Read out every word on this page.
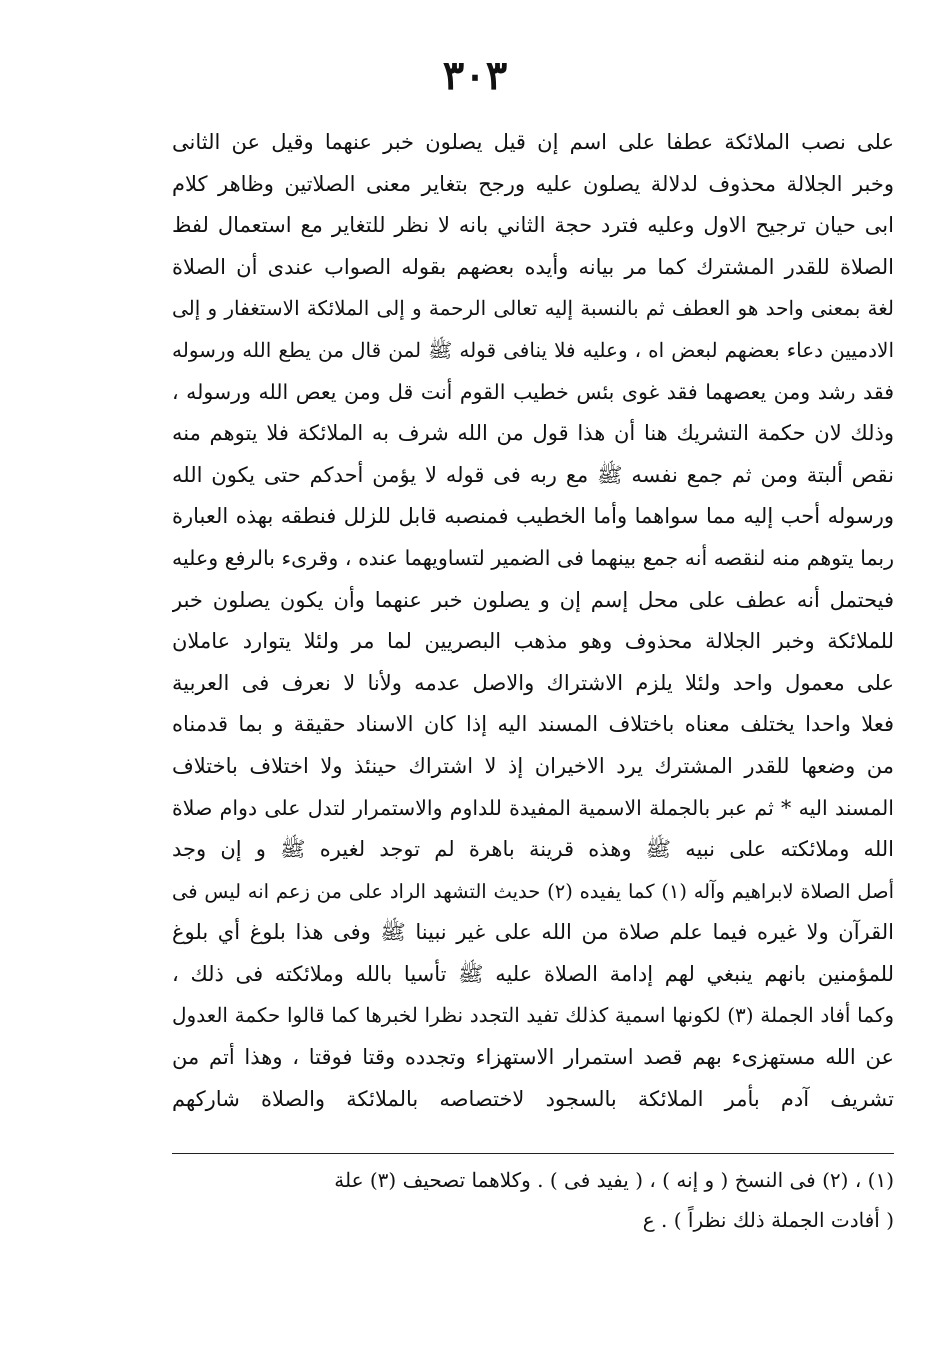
٣٠٣
على نصب الملائكة عطفا على اسم إن قيل يصلون خبر عنهما وقيل عن الثانى
وخبر الجلالة محذوف لدلالة يصلون عليه ورجح بتغاير معنى الصلاتين وظاهر كلام
ابى حيان ترجيح الاول وعليه فترد حجة الثاني بانه لا نظر للتغاير مع استعمال لفظ
الصلاة للقدر المشترك كما مر بيانه وأيده بعضهم بقوله الصواب عندى أن الصلاة
لغة بمعنى واحد هو العطف ثم بالنسبة إليه تعالى الرحمة و إلى الملائكة الاستغفار و إلى
الادميين دعاء بعضهم لبعض اه ، وعليه فلا ينافى قوله ﷺ لمن قال من يطع الله ورسوله
فقد رشد ومن يعصهما فقد غوى بئس خطيب القوم أنت قل ومن يعص الله ورسوله ،
وذلك لان حكمة التشريك هنا أن هذا قول من الله شرف به الملائكة فلا يتوهم منه
نقص ألبتة ومن ثم جمع نفسه ﷺ مع ربه فى قوله لا يؤمن أحدكم حتى يكون الله
ورسوله أحب إليه مما سواهما وأما الخطيب فمنصبه قابل للزلل فنطقه بهذه العبارة
ربما يتوهم منه لنقصه أنه جمع بينهما فى الضمير لتساويهما عنده ، وقرىء بالرفع وعليه
فيحتمل أنه عطف على محل إسم إن و يصلون خبر عنهما وأن يكون يصلون خبر
للملائكة وخبر الجلالة محذوف وهو مذهب البصريين لما مر ولئلا يتوارد عاملان
على معمول واحد ولئلا يلزم الاشتراك والاصل عدمه ولأنا لا نعرف فى العربية
فعلا واحدا يختلف معناه باختلاف المسند اليه إذا كان الاسناد حقيقة و بما قدمناه
من وضعها للقدر المشترك يرد الاخيران إذ لا اشتراك حينئذ ولا اختلاف باختلاف
المسند اليه * ثم عبر بالجملة الاسمية المفيدة للداوم والاستمرار لتدل على دوام صلاة
الله وملائكته على نبيه ﷺ وهذه قرينة باهرة لم توجد لغيره ﷺ و إن وجد
أصل الصلاة لابراهيم وآله (١) كما يفيده (٢) حديث التشهد الراد على من زعم انه ليس فى
القرآن ولا غيره فيما علم صلاة من الله على غير نبينا ﷺ وفى هذا بلوغ أي بلوغ
للمؤمنين بانهم ينبغي لهم إدامة الصلاة عليه ﷺ تأسيا بالله وملائكته فى ذلك ،
وكما أفاد الجملة (٣) لكونها اسمية كذلك تفيد التجدد نظرا لخبرها كما قالوا حكمة العدول
عن الله مستهزىء بهم قصد استمرار الاستهزاء وتجدده وقتا فوقتا ، وهذا أتم من
تشريف آدم بأمر الملائكة بالسجود لاختصاصه بالملائكة والصلاة شاركهم
(١) ، (٢) فى النسخ ( و إنه ) ، ( يفيد فى ) . وكلاهما تصحيف (٣) علة
( أفادت الجملة ذلك نظراً ) . ع
